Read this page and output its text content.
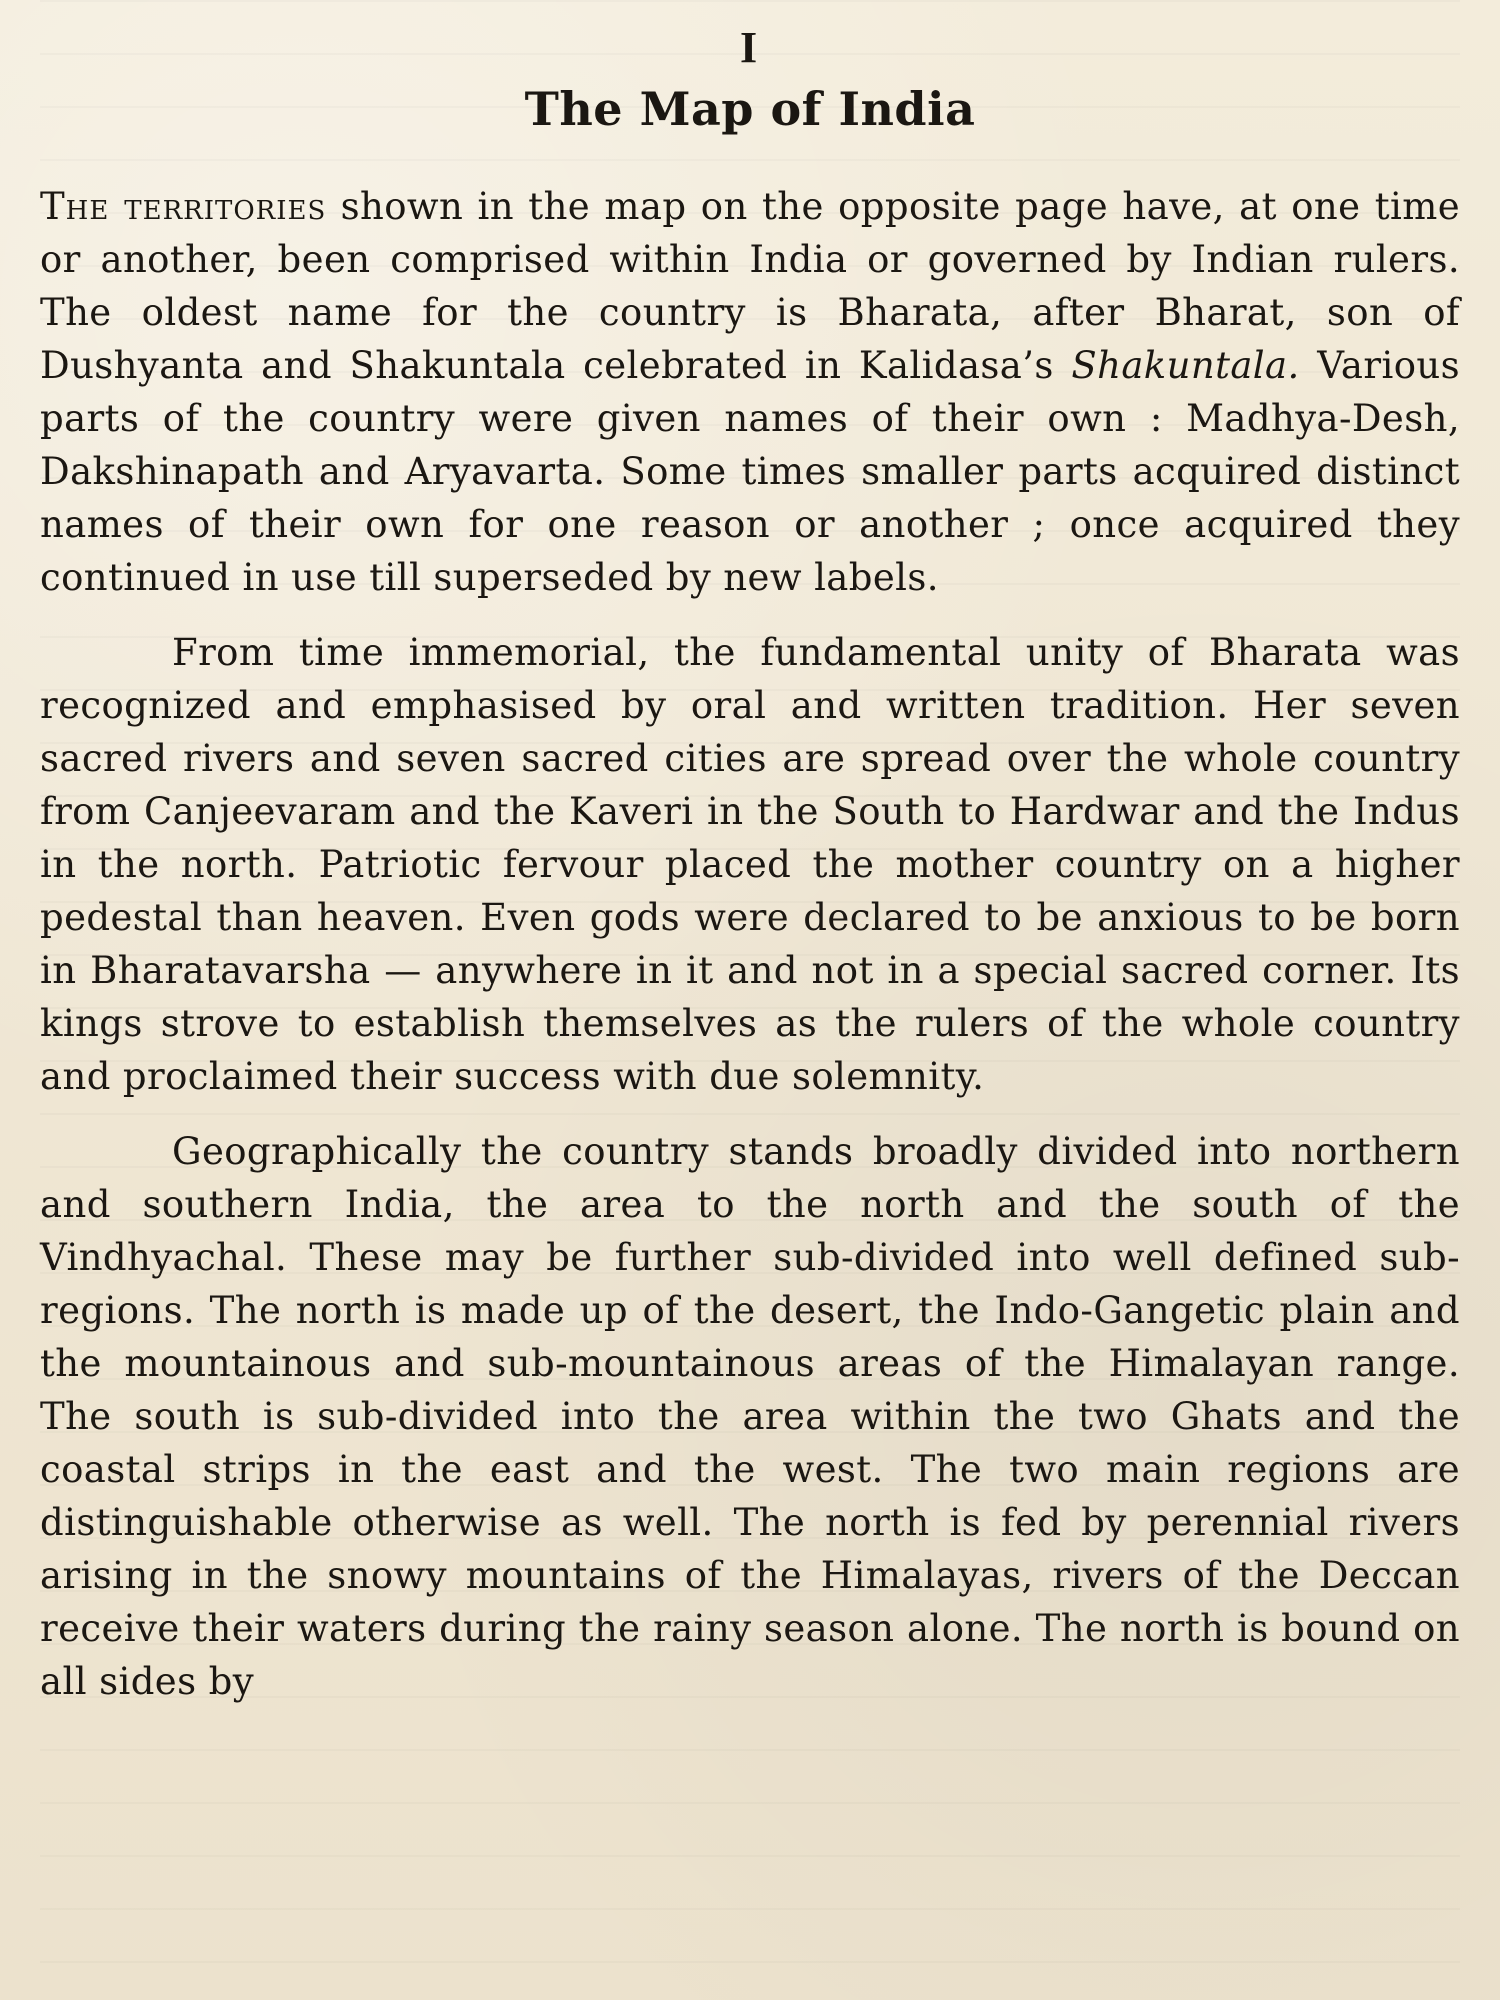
I
The Map of India

The territories shown in the map on the opposite page have, at one time or another, been comprised within India or governed by Indian rulers. The oldest name for the country is Bharata, after Bharat, son of Dushyanta and Shakuntala celebrated in Kalidasa’s Shakuntala. Various parts of the country were given names of their own : Madhya-Desh, Dakshinapath and Aryavarta. Some times smaller parts acquired distinct names of their own for one reason or another ; once acquired they continued in use till superseded by new labels.

From time immemorial, the fundamental unity of Bharata was recognized and emphasised by oral and written tradition. Her seven sacred rivers and seven sacred cities are spread over the whole country from Canjeevaram and the Kaveri in the South to Hardwar and the Indus in the north. Patriotic fervour placed the mother country on a higher pedestal than heaven. Even gods were declared to be anxious to be born in Bharatavarsha — anywhere in it and not in a special sacred corner. Its kings strove to establish themselves as the rulers of the whole country and proclaimed their success with due solemnity.

Geographically the country stands broadly divided into northern and southern India, the area to the north and the south of the Vindhyachal. These may be further sub-divided into well defined sub-regions. The north is made up of the desert, the Indo-Gangetic plain and the mountainous and sub-mountainous areas of the Himalayan range. The south is sub-divided into the area within the two Ghats and the coastal strips in the east and the west. The two main regions are distinguishable otherwise as well. The north is fed by perennial rivers arising in the snowy mountains of the Himalayas, rivers of the Deccan receive their waters during the rainy season alone. The north is bound on all sides by
